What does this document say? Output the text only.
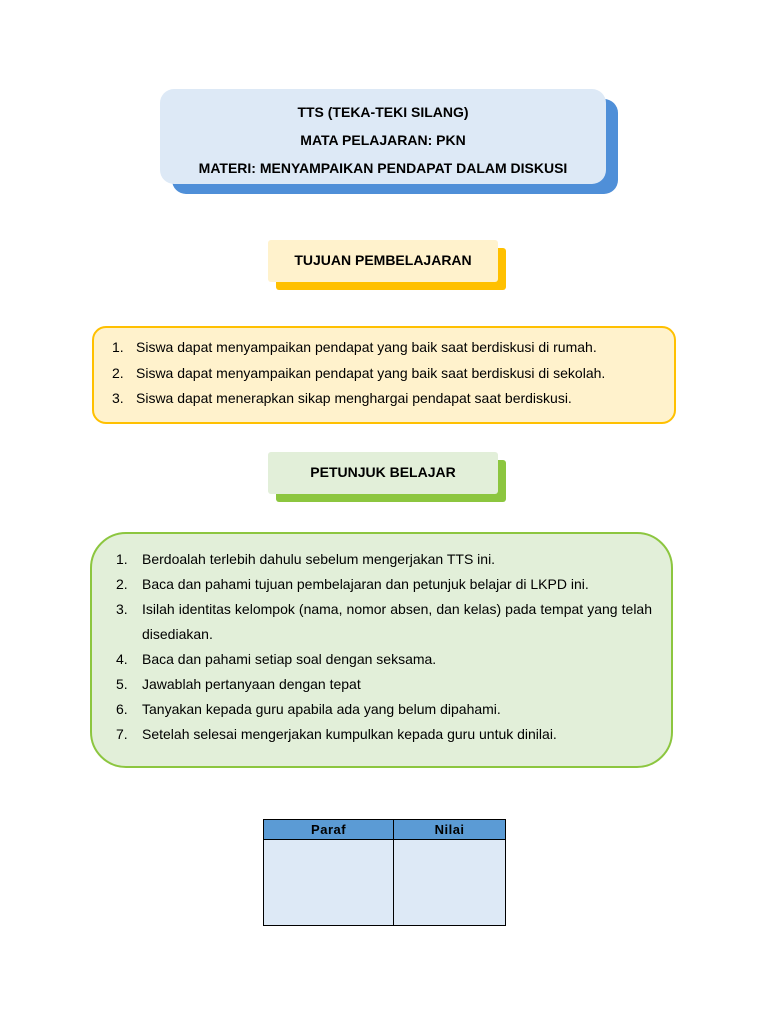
TTS (TEKA-TEKI SILANG)
MATA PELAJARAN: PKN
MATERI: MENYAMPAIKAN PENDAPAT DALAM DISKUSI
TUJUAN PEMBELAJARAN
1. Siswa dapat menyampaikan pendapat yang baik saat berdiskusi di rumah.
2. Siswa dapat menyampaikan pendapat yang baik saat berdiskusi di sekolah.
3. Siswa dapat menerapkan sikap menghargai pendapat saat berdiskusi.
PETUNJUK BELAJAR
1.	Berdoalah terlebih dahulu sebelum mengerjakan TTS ini.
2.	Baca dan pahami tujuan pembelajaran dan petunjuk belajar di LKPD ini.
3.	Isilah identitas kelompok (nama, nomor absen, dan kelas) pada tempat yang telah disediakan.
4.	Baca dan pahami setiap soal dengan seksama.
5.	Jawablah pertanyaan dengan tepat
6.	Tanyakan kepada guru apabila ada yang belum dipahami.
7.	Setelah selesai mengerjakan kumpulkan kepada guru untuk dinilai.
Paraf	Nilai
